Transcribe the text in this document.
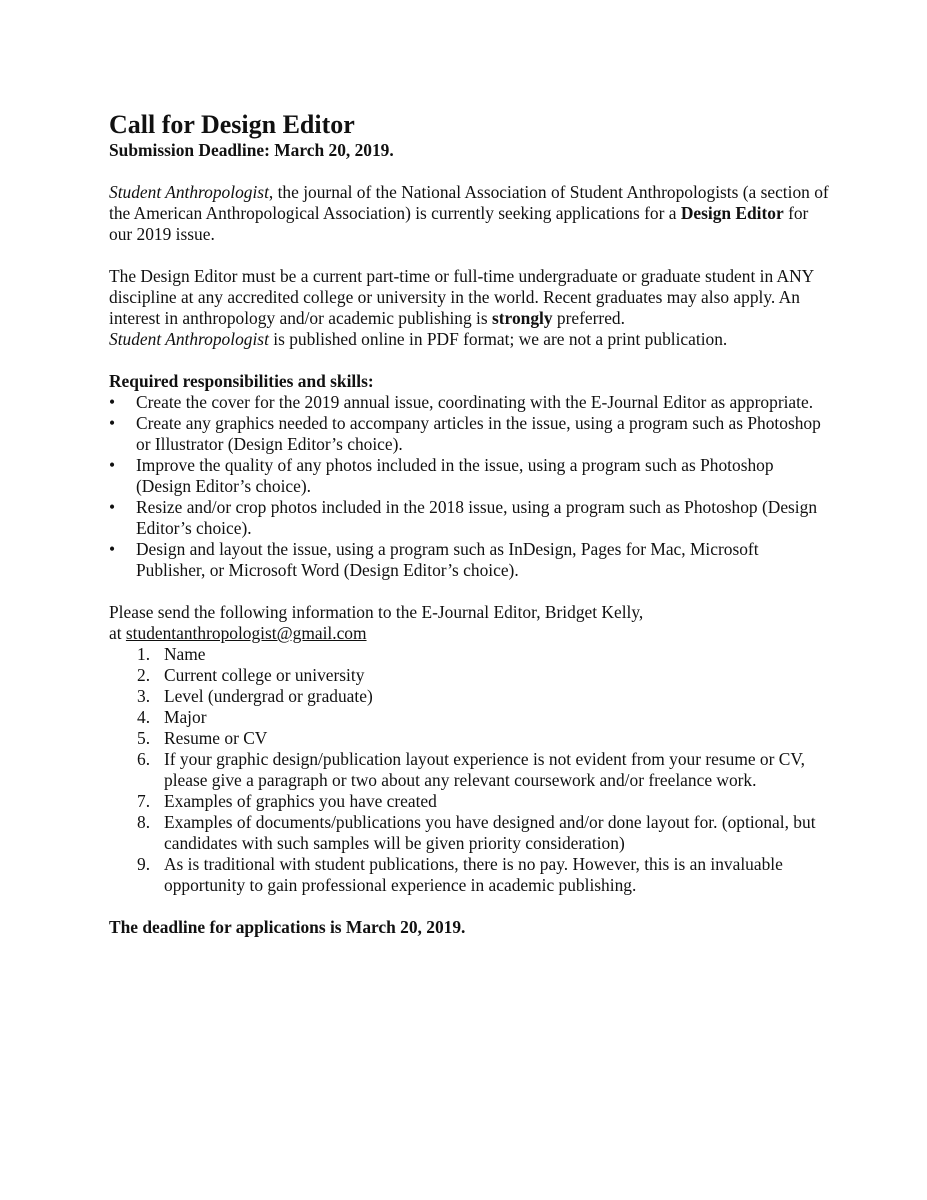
Call for Design Editor
Submission Deadline: March 20, 2019.

Student Anthropologist, the journal of the National Association of Student Anthropologists (a section of the American Anthropological Association) is currently seeking applications for a Design Editor for our 2019 issue.

The Design Editor must be a current part-time or full-time undergraduate or graduate student in ANY discipline at any accredited college or university in the world. Recent graduates may also apply. An interest in anthropology and/or academic publishing is strongly preferred.
Student Anthropologist is published online in PDF format; we are not a print publication.

Required responsibilities and skills:
• Create the cover for the 2019 annual issue, coordinating with the E-Journal Editor as appropriate.
• Create any graphics needed to accompany articles in the issue, using a program such as Photoshop or Illustrator (Design Editor’s choice).
• Improve the quality of any photos included in the issue, using a program such as Photoshop (Design Editor’s choice).
• Resize and/or crop photos included in the 2018 issue, using a program such as Photoshop (Design Editor’s choice).
• Design and layout the issue, using a program such as InDesign, Pages for Mac, Microsoft Publisher, or Microsoft Word (Design Editor’s choice).
Please send the following information to the E-Journal Editor, Bridget Kelly,
at studentanthropologist@gmail.com
1. Name
2. Current college or university
3. Level (undergrad or graduate)
4. Major
5. Resume or CV
6. If your graphic design/publication layout experience is not evident from your resume or CV, please give a paragraph or two about any relevant coursework and/or freelance work.
7. Examples of graphics you have created
8. Examples of documents/publications you have designed and/or done layout for. (optional, but candidates with such samples will be given priority consideration)
9. As is traditional with student publications, there is no pay. However, this is an invaluable opportunity to gain professional experience in academic publishing.
The deadline for applications is March 20, 2019.
